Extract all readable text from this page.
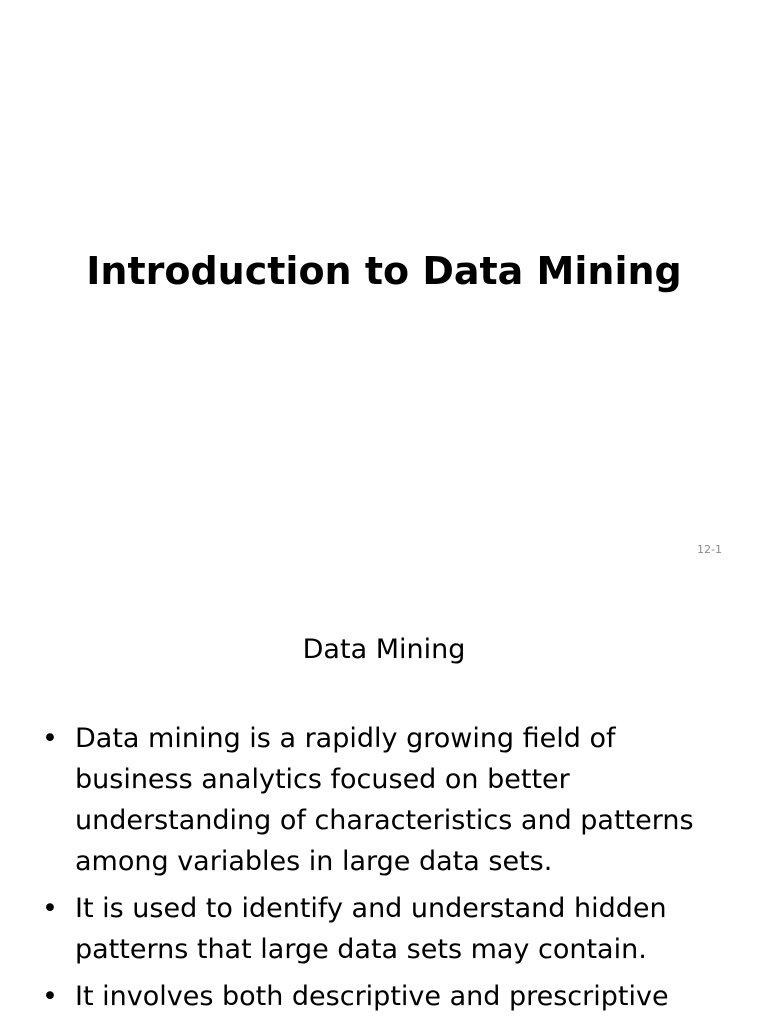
Introduction to Data Mining
12-1
Data Mining
• Data mining is a rapidly growing field of business analytics focused on better understanding of characteristics and patterns among variables in large data sets.
• It is used to identify and understand hidden patterns that large data sets may contain.
• It involves both descriptive and prescriptive
